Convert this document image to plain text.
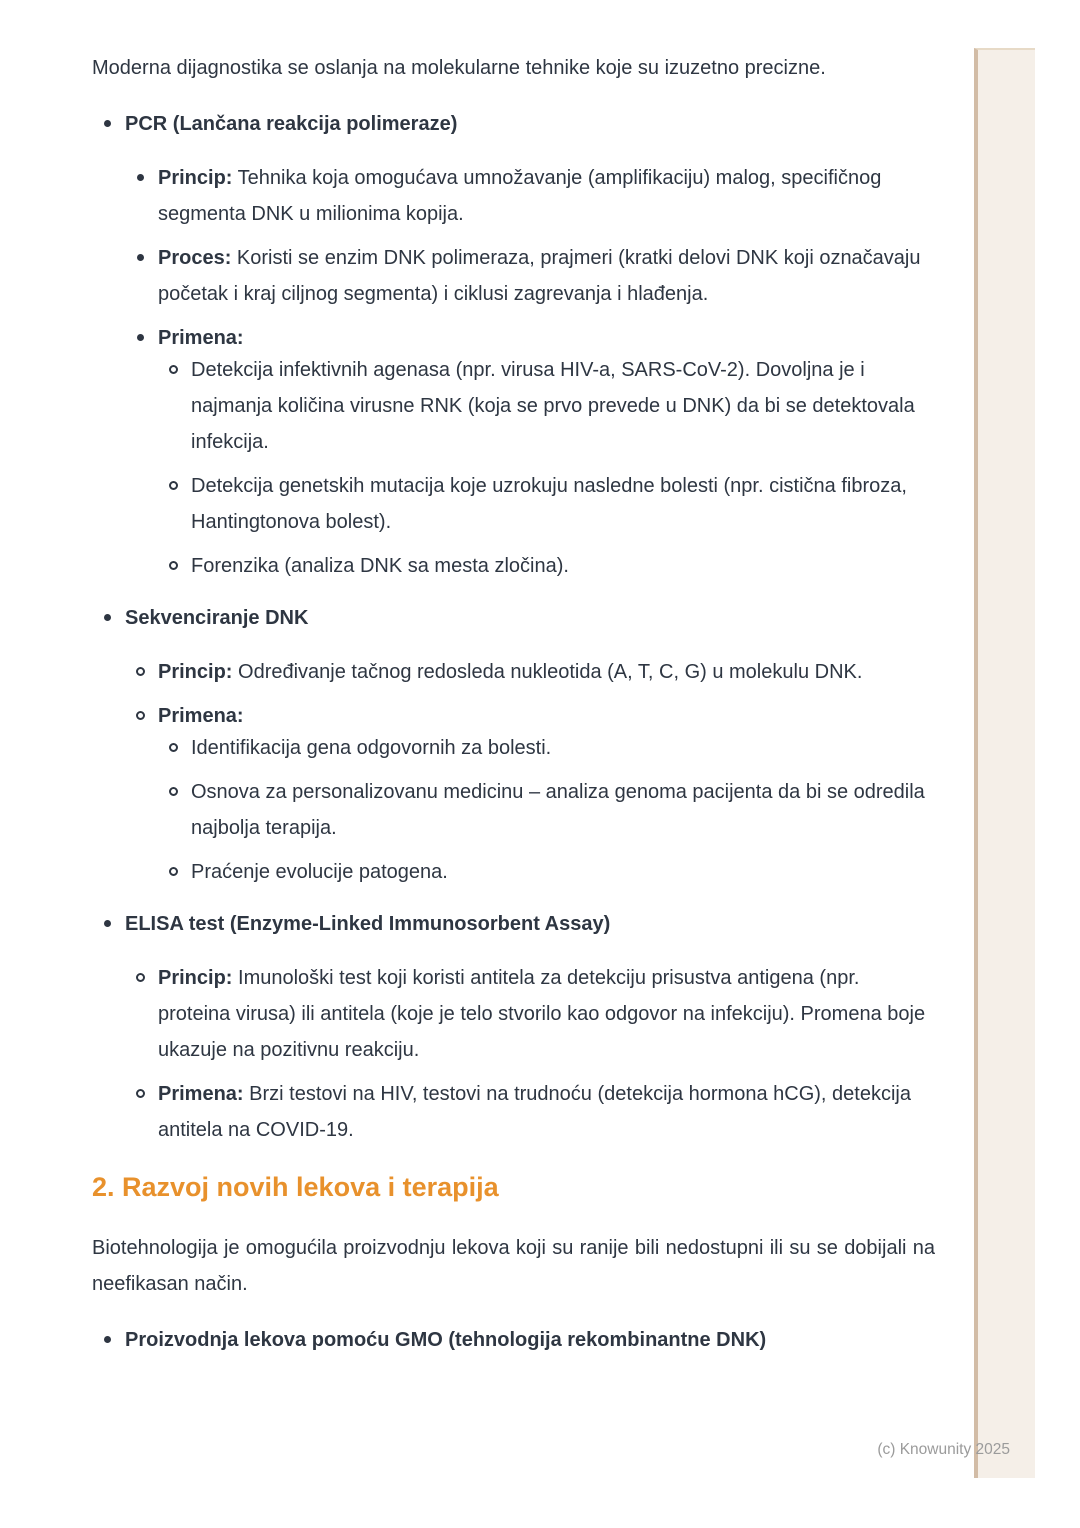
Moderna dijagnostika se oslanja na molekularne tehnike koje su izuzetno precizne.

PCR (Lančana reakcija polimeraze)
Princip: Tehnika koja omogućava umnožavanje (amplifikaciju) malog, specifičnog segmenta DNK u milionima kopija.
Proces: Koristi se enzim DNK polimeraza, prajmeri (kratki delovi DNK koji označavaju početak i kraj ciljnog segmenta) i ciklusi zagrevanja i hlađenja.
Primena:
Detekcija infektivnih agenasa (npr. virusa HIV-a, SARS-CoV-2). Dovoljna je i najmanja količina virusne RNK (koja se prvo prevede u DNK) da bi se detektovala infekcija.
Detekcija genetskih mutacija koje uzrokuju nasledne bolesti (npr. cistična fibroza, Hantingtonova bolest).
Forenzika (analiza DNK sa mesta zločina).
Sekvenciranje DNK
Princip: Određivanje tačnog redosleda nukleotida (A, T, C, G) u molekulu DNK.
Primena:
Identifikacija gena odgovornih za bolesti.
Osnova za personalizovanu medicinu – analiza genoma pacijenta da bi se odredila najbolja terapija.
Praćenje evolucije patogena.
ELISA test (Enzyme-Linked Immunosorbent Assay)
Princip: Imunološki test koji koristi antitela za detekciju prisustva antigena (npr. proteina virusa) ili antitela (koje je telo stvorilo kao odgovor na infekciju). Promena boje ukazuje na pozitivnu reakciju.
Primena: Brzi testovi na HIV, testovi na trudnoću (detekcija hormona hCG), detekcija antitela na COVID-19.
2. Razvoj novih lekova i terapija

Biotehnologija je omogućila proizvodnju lekova koji su ranije bili nedostupni ili su se dobijali na neefikasan način.

Proizvodnja lekova pomoću GMO (tehnologija rekombinantne DNK)
(c) Knowunity 2025
